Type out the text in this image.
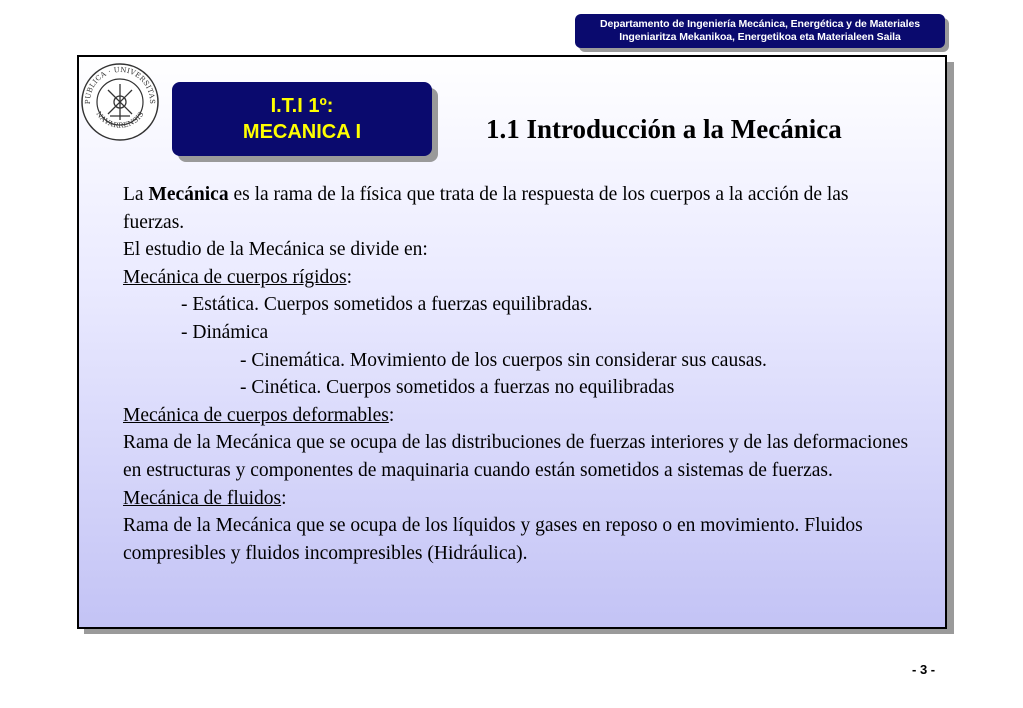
Departamento de Ingeniería Mecánica, Energética y de Materiales
Ingeniaritza Mekanikoa, Energetikoa eta Materialeen Saila
PUBLICA · UNIVERSITAS
NAVARRENSIS	I.T.I 1º:
MECANICA I	1.1 Introducción a la Mecánica

La Mecánica es la rama de la física que trata de la respuesta de los cuerpos a la acción de las fuerzas.

El estudio de la Mecánica se divide en:

Mecánica de cuerpos rígidos:

- Estática. Cuerpos sometidos a fuerzas equilibradas.

- Dinámica

- Cinemática. Movimiento de los cuerpos sin considerar sus causas.

- Cinética. Cuerpos sometidos a fuerzas no equilibradas

Mecánica de cuerpos deformables:

Rama de la Mecánica que se ocupa de las distribuciones de fuerzas interiores y de las deformaciones en estructuras y componentes de maquinaria cuando están sometidos a sistemas de fuerzas.

Mecánica de fluidos:

Rama de la Mecánica que se ocupa de los líquidos y gases en reposo o en movimiento. Fluidos compresibles y fluidos incompresibles (Hidráulica).

- 3 -
